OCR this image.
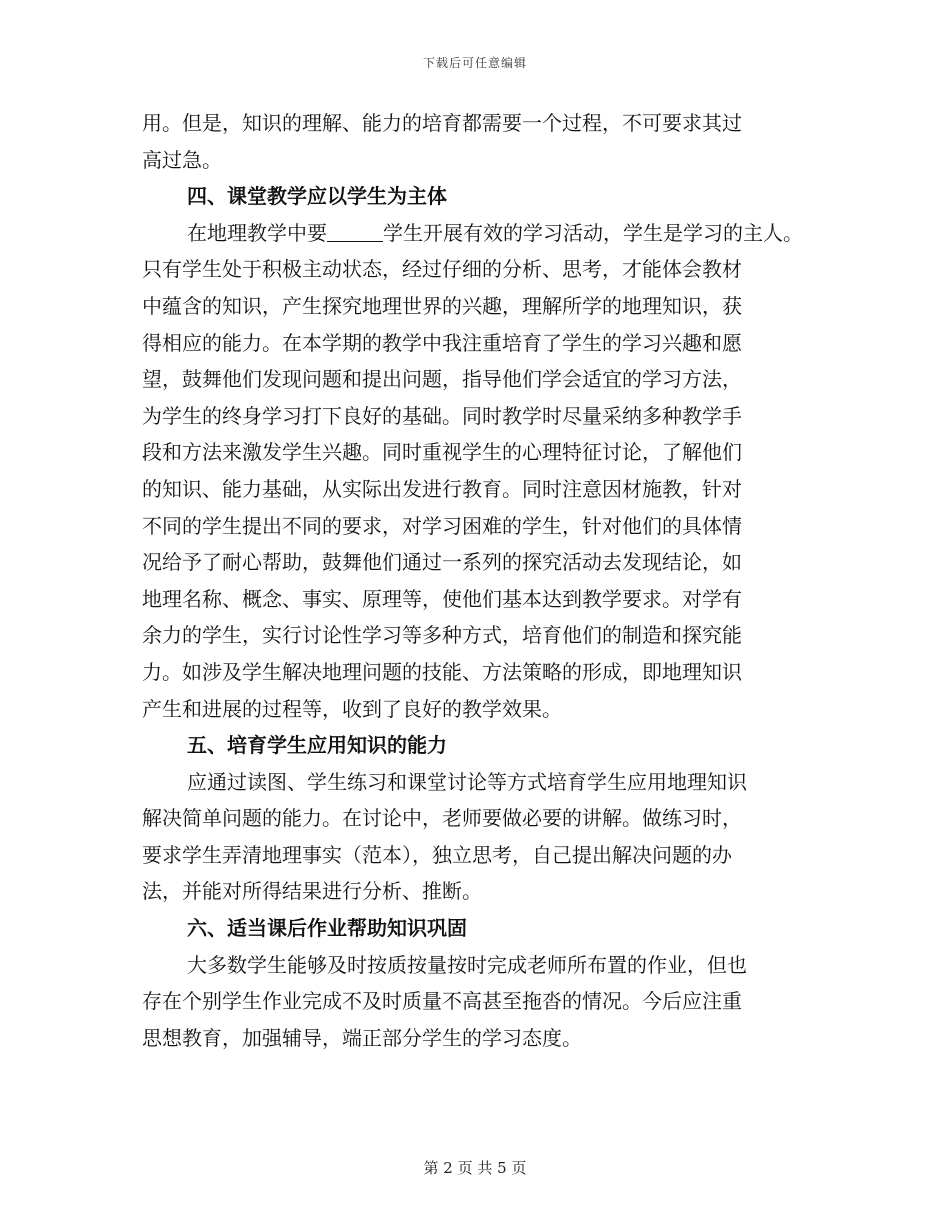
下载后可任意编辑
用。但是，知识的理解、能力的培育都需要一个过程，不可要求其过
高过急。
四、课堂教学应以学生为主体
在地理教学中要	学生开展有效的学习活动，学生是学习的主人。
只有学生处于积极主动状态，经过仔细的分析、思考，才能体会教材
中蕴含的知识，产生探究地理世界的兴趣，理解所学的地理知识，获
得相应的能力。在本学期的教学中我注重培育了学生的学习兴趣和愿
望，鼓舞他们发现问题和提出问题，指导他们学会适宜的学习方法，
为学生的终身学习打下良好的基础。同时教学时尽量采纳多种教学手
段和方法来激发学生兴趣。同时重视学生的心理特征讨论，了解他们
的知识、能力基础，从实际出发进行教育。同时注意因材施教，针对
不同的学生提出不同的要求，对学习困难的学生，针对他们的具体情
况给予了耐心帮助，鼓舞他们通过一系列的探究活动去发现结论，如
地理名称、概念、事实、原理等，使他们基本达到教学要求。对学有
余力的学生，实行讨论性学习等多种方式，培育他们的制造和探究能
力。如涉及学生解决地理问题的技能、方法策略的形成，即地理知识
产生和进展的过程等，收到了良好的教学效果。
五、培育学生应用知识的能力
应通过读图、学生练习和课堂讨论等方式培育学生应用地理知识
解决简单问题的能力。在讨论中，老师要做必要的讲解。做练习时，
要求学生弄清地理事实（范本），独立思考，自己提出解决问题的办
法，并能对所得结果进行分析、推断。
六、适当课后作业帮助知识巩固
大多数学生能够及时按质按量按时完成老师所布置的作业，但也
存在个别学生作业完成不及时质量不高甚至拖沓的情况。今后应注重
思想教育，加强辅导，端正部分学生的学习态度。
第 2 页 共 5 页
